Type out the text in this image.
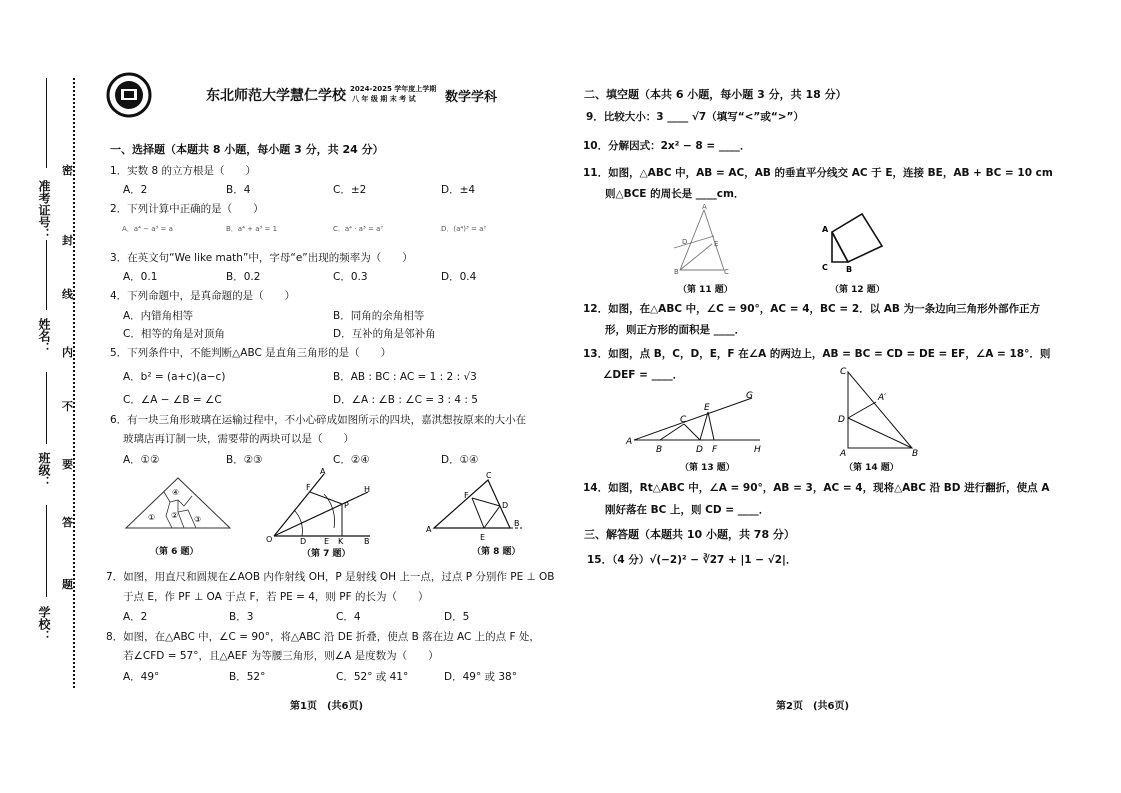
准考证号：
姓名：
班级：
学校：
密
封
线
内
不
要
答
题
东北师范大学慧仁学校 2024-2025 学年度上学期
八 年 级 期 末 考 试 数学学科
一、选择题（本题共 8 小题，每小题 3 分，共 24 分）
1．实数 8 的立方根是（　　）
A．2	B．4	C．±2	D．±4
2．下列计算中正确的是（　　）
A．a⁴ − a³ = a	B．a⁴ + a³ = 1	C．a⁴ · a³ = a⁷	D．(a⁴)³ = a⁷
3．在英文句“We like math”中，字母“e”出现的频率为（　　）
A．0.1	B．0.2	C．0.3	D．0.4
4．下列命题中，是真命题的是（　　）
A．内错角相等	B．同角的余角相等
C．相等的角是对顶角	D．互补的角是邻补角
5．下列条件中，不能判断△ABC 是直角三角形的是（　　）
A．b² = (a+c)(a−c)	B．AB : BC : AC = 1 : 2 : √3
C．∠A − ∠B = ∠C	D．∠A : ∠B : ∠C = 3 : 4 : 5
6．有一块三角形玻璃在运输过程中，不小心碎成如图所示的四块，嘉淇想按原来的大小在
玻璃店再订制一块，需要带的两块可以是（　　）
A．①②	B．②③	C．②④	D．①④
① ② ③
④
（第 6 题）
A
F	H
P
O	D E K	B
（第 7 题）
C
F
D
A
B
E
（第 8 题）
7．如图，用直尺和圆规在∠AOB 内作射线 OH，P 是射线 OH 上一点，过点 P 分别作 PE ⊥ OB
于点 E，作 PF ⊥ OA 于点 F，若 PE = 4，则 PF 的长为（　　）
A．2	B．3	C．4	D．5
8．如图，在△ABC 中，∠C = 90°，将△ABC 沿 DE 折叠，使点 B 落在边 AC 上的点 F 处，
若∠CFD = 57°，且△AEF 为等腰三角形，则∠A 是度数为（　　）
A．49°	B．52°	C．52° 或 41°	D．49° 或 38°
第1页　(共6页)
二、填空题（本共 6 小题，每小题 3 分，共 18 分）
9．比较大小：3 ____ √7（填写“<”或“>”）
10．分解因式：2x² − 8 = ____．
11．如图，△ABC 中，AB = AC，AB 的垂直平分线交 AC 于 E，连接 BE，AB + BC = 10 cm
则△BCE 的周长是 ____cm．
A
D	E
B	C
（第 11 题）
A
C B
（第 12 题）
12．如图，在△ABC 中，∠C = 90°，AC = 4，BC = 2．以 AB 为一条边向三角形外部作正方
形，则正方形的面积是 ____．
13．如图，点 B，C，D，E，F 在∠A 的两边上，AB = BC = CD = DE = EF，∠A = 18°．则
∠DEF = ____．
A
B
C
D
E
F
G
H
（第 13 题）
C
A′
D
A	B
（第 14 题）
14．如图，Rt△ABC 中，∠A = 90°，AB = 3，AC = 4，现将△ABC 沿 BD 进行翻折，使点 A
刚好落在 BC 上，则 CD = ____．
三、解答题（本题共 10 小题，共 78 分）
15．（4 分）√(−2)² − ∛27 + |1 − √2|．
第2页　(共6页)
